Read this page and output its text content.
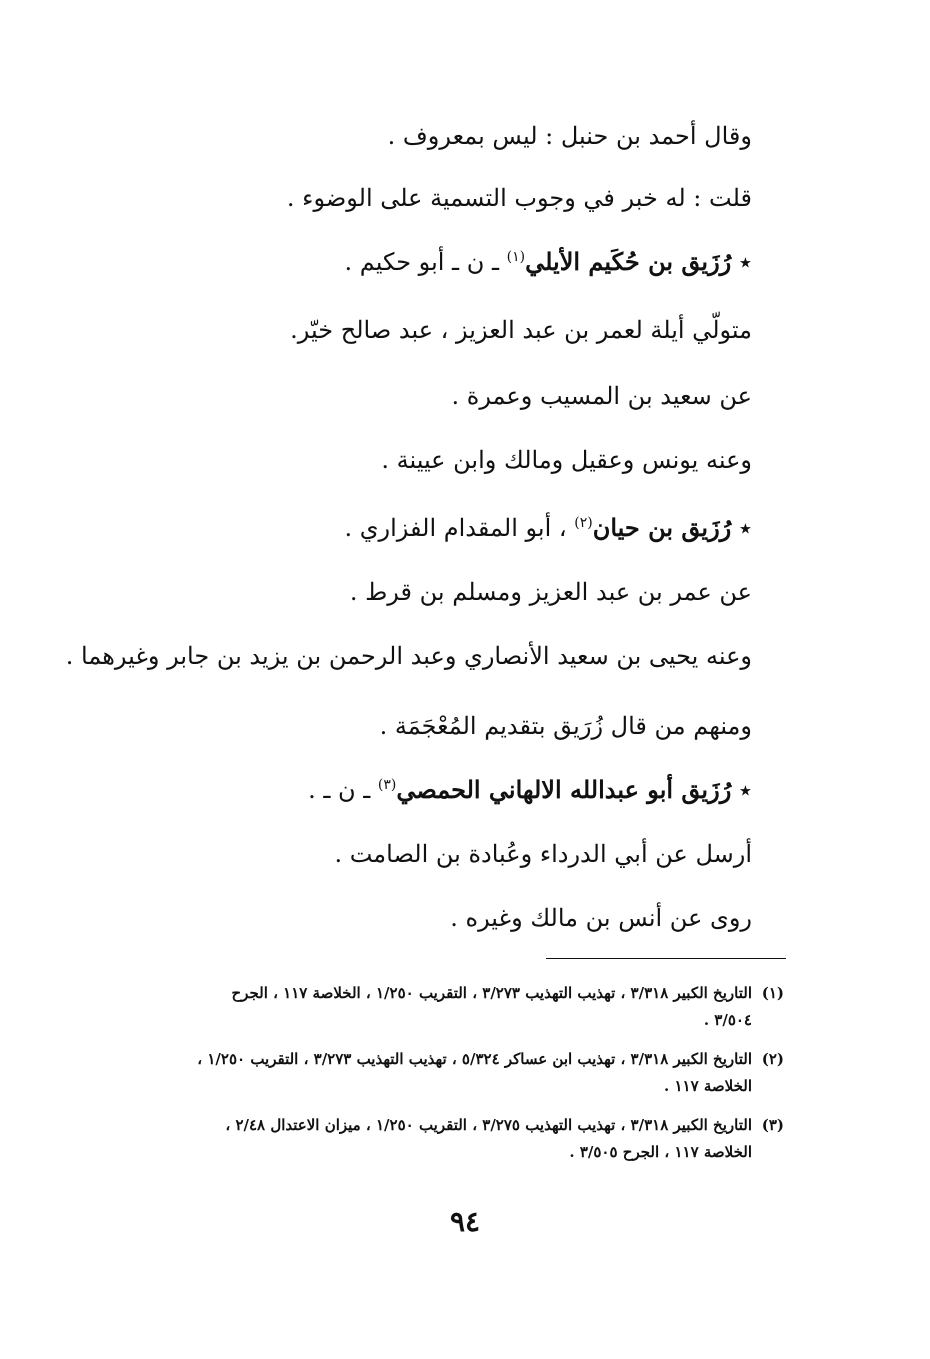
وقال أحمد بن حنبل : ليس بمعروف .
قلت : له خبر في وجوب التسمية على الوضوء .
٭ رُزَيق بن حُكَيم الأيلي$^{(١)}$ ـ ن ـ أبو حكيم .
متولّي أيلة لعمر بن عبد العزيز ، عبد صالح خيّر.
عن سعيد بن المسيب وعمرة .
وعنه يونس وعقيل ومالك وابن عيينة .
٭ رُزَيق بن حيان$^{(٢)}$ ، أبو المقدام الفزاري .
عن عمر بن عبد العزيز ومسلم بن قرط .
وعنه يحيى بن سعيد الأنصاري وعبد الرحمن بن يزيد بن جابر وغيرهما .
ومنهم من قال زُرَيق بتقديم المُعْجَمَة .
٭ رُزَيق أبو عبدالله الالهاني الحمصي$^{(٣)}$ ـ ن ـ .
أرسل عن أبي الدرداء وعُبادة بن الصامت .
روى عن أنس بن مالك وغيره .
(١)التاريخ الكبير ٣/٣١٨ ، تهذيب التهذيب ٣/٢٧٣ ، التقريب ١/٢٥٠ ، الخلاصة ١١٧ ، الجرح
٣/٥٠٤ .
(٢)التاريخ الكبير ٣/٣١٨ ، تهذيب ابن عساكر ٥/٣٢٤ ، تهذيب التهذيب ٣/٢٧٣ ، التقريب ١/٢٥٠ ،
الخلاصة ١١٧ .
(٣)التاريخ الكبير ٣/٣١٨ ، تهذيب التهذيب ٣/٢٧٥ ، التقريب ١/٢٥٠ ، ميزان الاعتدال ٢/٤٨ ،
الخلاصة ١١٧ ، الجرح ٣/٥٠٥ .
٩٤
